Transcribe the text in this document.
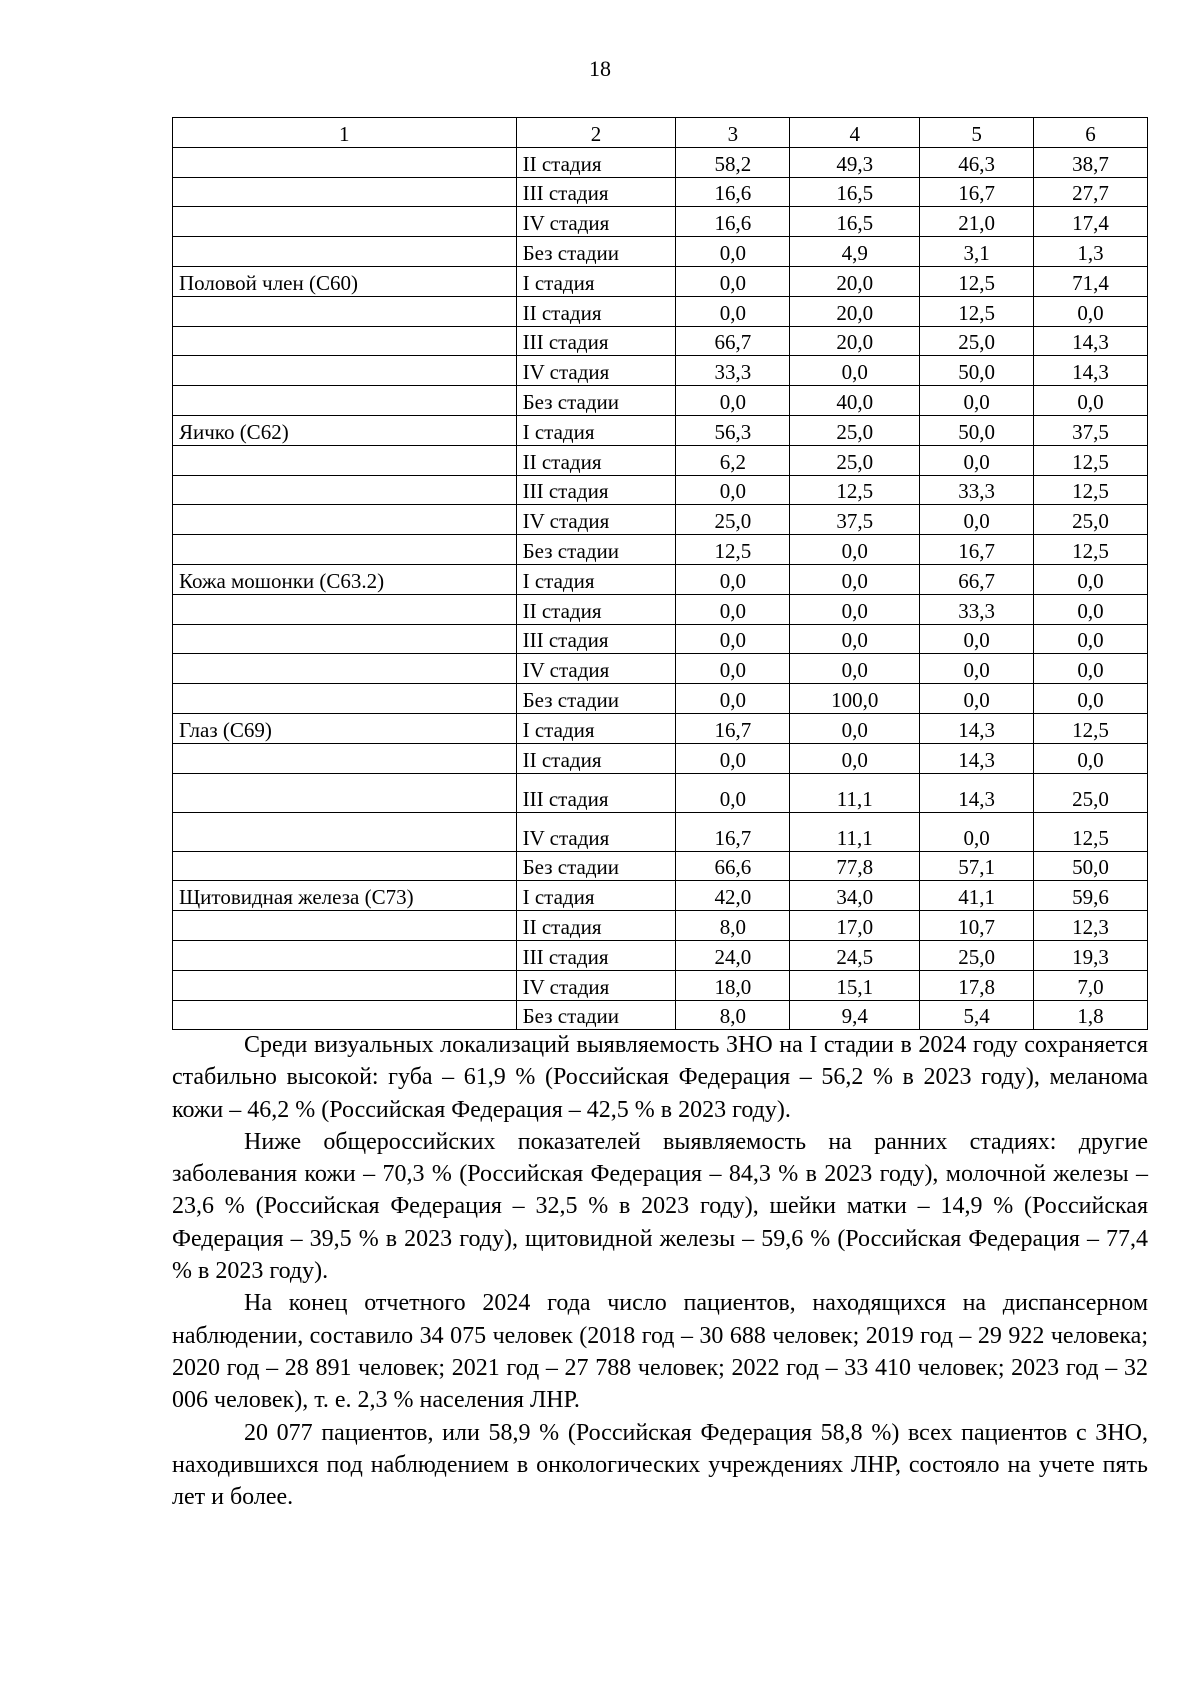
18
1	2	3	4	5	6
	II стадия	58,2	49,3	46,3	38,7
	III стадия	16,6	16,5	16,7	27,7
	IV стадия	16,6	16,5	21,0	17,4
	Без стадии	0,0	4,9	3,1	1,3
Половой член (С60)	I стадия	0,0	20,0	12,5	71,4
	II стадия	0,0	20,0	12,5	0,0
	III стадия	66,7	20,0	25,0	14,3
	IV стадия	33,3	0,0	50,0	14,3
	Без стадии	0,0	40,0	0,0	0,0
Яичко (С62)	I стадия	56,3	25,0	50,0	37,5
	II стадия	6,2	25,0	0,0	12,5
	III стадия	0,0	12,5	33,3	12,5
	IV стадия	25,0	37,5	0,0	25,0
	Без стадии	12,5	0,0	16,7	12,5
Кожа мошонки (С63.2)	I стадия	0,0	0,0	66,7	0,0
	II стадия	0,0	0,0	33,3	0,0
	III стадия	0,0	0,0	0,0	0,0
	IV стадия	0,0	0,0	0,0	0,0
	Без стадии	0,0	100,0	0,0	0,0
Глаз (С69)	I стадия	16,7	0,0	14,3	12,5
	II стадия	0,0	0,0	14,3	0,0
	III стадия	0,0	11,1	14,3	25,0
	IV стадия	16,7	11,1	0,0	12,5
	Без стадии	66,6	77,8	57,1	50,0
Щитовидная железа (С73)	I стадия	42,0	34,0	41,1	59,6
	II стадия	8,0	17,0	10,7	12,3
	III стадия	24,0	24,5	25,0	19,3
	IV стадия	18,0	15,1	17,8	7,0
	Без стадии	8,0	9,4	5,4	1,8

Среди визуальных локализаций выявляемость ЗНО на I стадии в 2024 году сохраняется стабильно высокой: губа – 61,9 % (Российская Федерация – 56,2 % в 2023 году), меланома кожи – 46,2 % (Российская Федерация – 42,5 % в 2023 году).

Ниже общероссийских показателей выявляемость на ранних стадиях: другие заболевания кожи – 70,3 % (Российская Федерация – 84,3 % в 2023 году), молочной железы – 23,6 % (Российская Федерация – 32,5 % в 2023 году), шейки матки – 14,9 % (Российская Федерация – 39,5 % в 2023 году), щитовидной железы – 59,6 % (Российская Федерация – 77,4 % в 2023 году).

На конец отчетного 2024 года число пациентов, находящихся на диспансерном наблюдении, составило 34 075 человек (2018 год – 30 688 человек; 2019 год – 29 922 человека; 2020 год – 28 891 человек; 2021 год – 27 788 человек; 2022 год – 33 410 человек; 2023 год – 32 006 человек), т. е. 2,3 % населения ЛНР.

20 077 пациентов, или 58,9 % (Российская Федерация 58,8 %) всех пациентов с ЗНО, находившихся под наблюдением в онкологических учреждениях ЛНР, состояло на учете пять лет и более.
